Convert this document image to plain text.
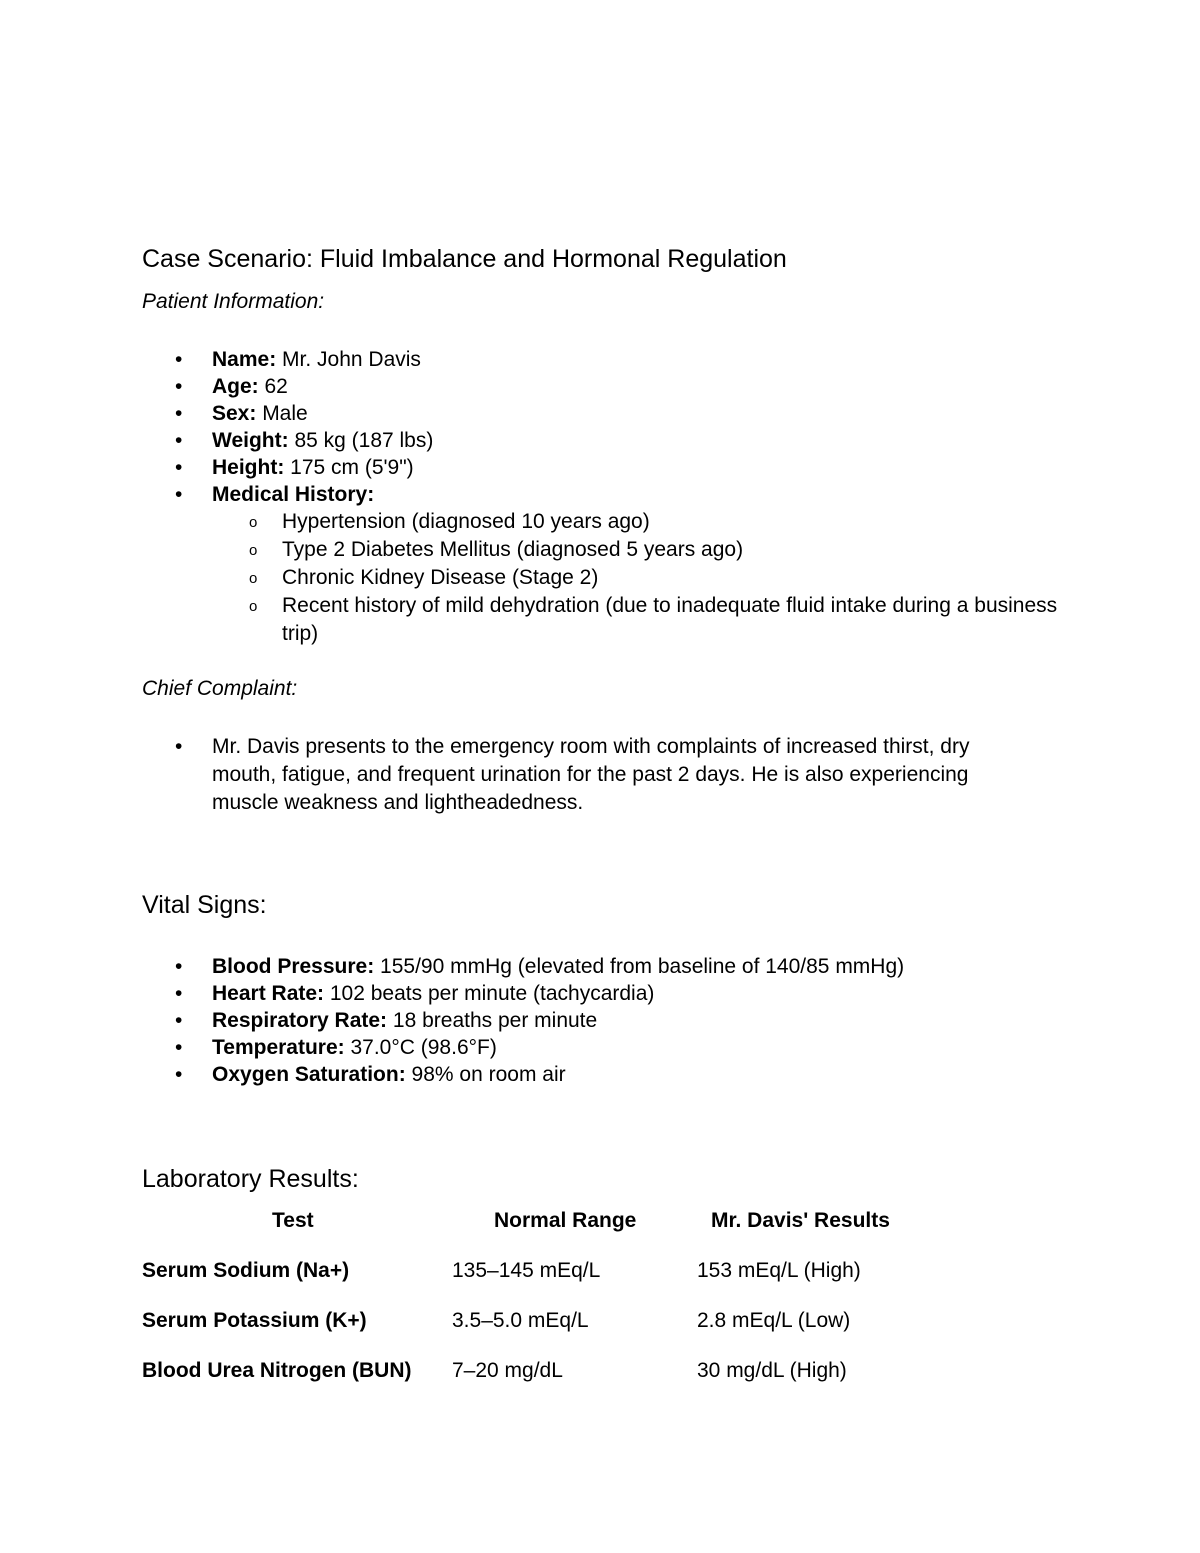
Case Scenario: Fluid Imbalance and Hormonal Regulation
Patient Information:
• Name: Mr. John Davis
• Age: 62
• Sex: Male
• Weight: 85 kg (187 lbs)
• Height: 175 cm (5'9")
• Medical History:
o Hypertension (diagnosed 10 years ago)
o Type 2 Diabetes Mellitus (diagnosed 5 years ago)
o Chronic Kidney Disease (Stage 2)
o Recent history of mild dehydration (due to inadequate fluid intake during a business trip)
Chief Complaint:
• Mr. Davis presents to the emergency room with complaints of increased thirst, dry mouth, fatigue, and frequent urination for the past 2 days. He is also experiencing muscle weakness and lightheadedness.
Vital Signs:
• Blood Pressure: 155/90 mmHg (elevated from baseline of 140/85 mmHg)
• Heart Rate: 102 beats per minute (tachycardia)
• Respiratory Rate: 18 breaths per minute
• Temperature: 37.0°C (98.6°F)
• Oxygen Saturation: 98% on room air
Laboratory Results:
Test	Normal Range	Mr. Davis' Results
Serum Sodium (Na+)	135–145 mEq/L	153 mEq/L (High)
Serum Potassium (K+)	3.5–5.0 mEq/L	2.8 mEq/L (Low)
Blood Urea Nitrogen (BUN) 7–20 mg/dL	30 mg/dL (High)
